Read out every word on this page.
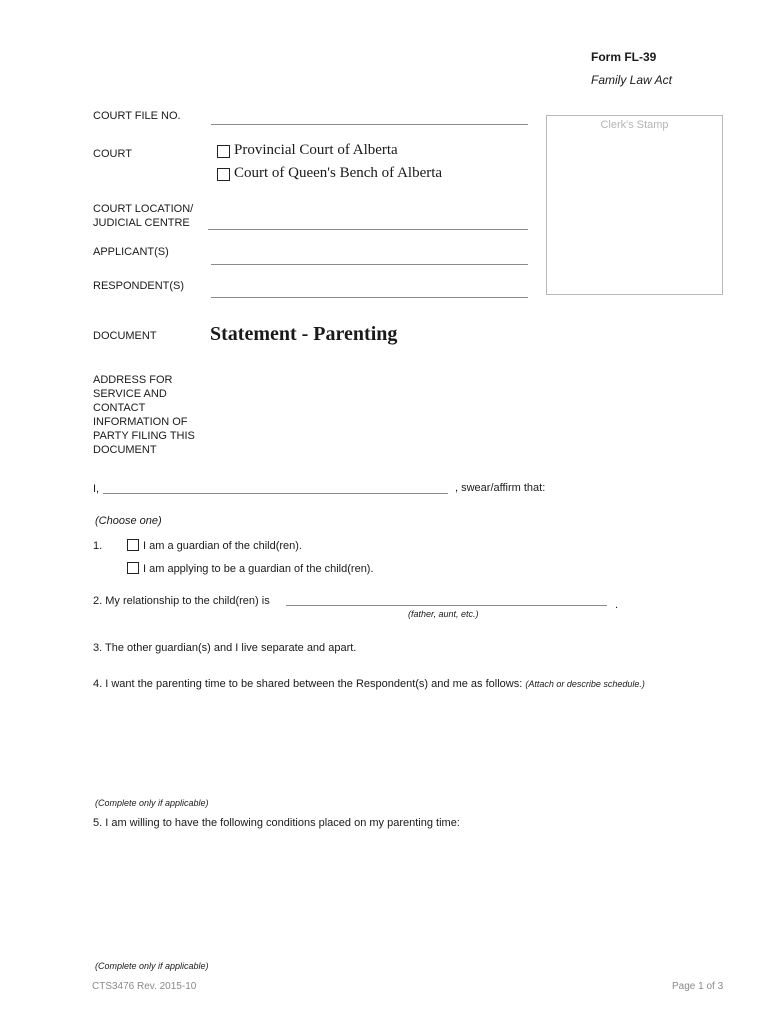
Form FL-39
Family Law Act
Clerk's Stamp
COURT FILE NO.
COURT	Provincial Court of Alberta
Court of Queen's Bench of Alberta
COURT LOCATION/
JUDICIAL CENTRE
APPLICANT(S)
RESPONDENT(S)
DOCUMENT	Statement - Parenting
ADDRESS FOR
SERVICE AND
CONTACT
INFORMATION OF
PARTY FILING THIS
DOCUMENT
I,	, swear/affirm that:
(Choose one)
1.	I am a guardian of the child(ren).
I am applying to be a guardian of the child(ren).
2. My relationship to the child(ren) is	.
(father, aunt, etc.)
3. The other guardian(s) and I live separate and apart.
4. I want the parenting time to be shared between the Respondent(s) and me as follows: (Attach or describe schedule.)
(Complete only if applicable)
5. I am willing to have the following conditions placed on my parenting time:
(Complete only if applicable)
CTS3476 Rev. 2015-10	Page 1 of 3
